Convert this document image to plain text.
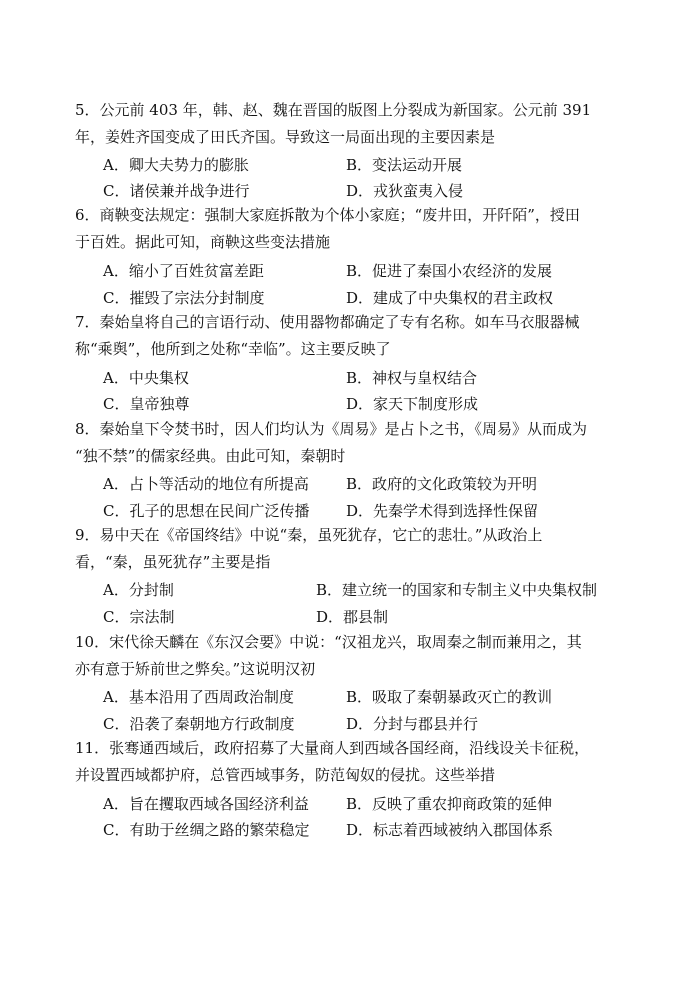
5．公元前 403 年，韩、赵、魏在晋国的版图上分裂成为新国家。公元前 391
年，姜姓齐国变成了田氏齐国。导致这一局面出现的主要因素是
A．卿大夫势力的膨胀	B．变法运动开展
C．诸侯兼并战争进行	D．戎狄蛮夷入侵
6．商鞅变法规定：强制大家庭拆散为个体小家庭；“废井田，开阡陌”，授田
于百姓。据此可知，商鞅这些变法措施
A．缩小了百姓贫富差距	B．促进了秦国小农经济的发展
C．摧毁了宗法分封制度	D．建成了中央集权的君主政权
7．秦始皇将自己的言语行动、使用器物都确定了专有名称。如车马衣服器械
称“乘舆”，他所到之处称“幸临”。这主要反映了
A．中央集权	B．神权与皇权结合
C．皇帝独尊	D．家天下制度形成
8．秦始皇下令焚书时，因人们均认为《周易》是占卜之书，《周易》从而成为
“独不禁”的儒家经典。由此可知，秦朝时
A．占卜等活动的地位有所提高 B．政府的文化政策较为开明
C．孔子的思想在民间广泛传播 D．先秦学术得到选择性保留
9．易中天在《帝国终结》中说“秦，虽死犹存，它亡的悲壮。”从政治上
看，“秦，虽死犹存”主要是指
A．分封制	B．建立统一的国家和专制主义中央集权制
C．宗法制	D．郡县制
10．宋代徐天麟在《东汉会要》中说：“汉祖龙兴，取周秦之制而兼用之，其
亦有意于矫前世之弊矣。”这说明汉初
A．基本沿用了西周政治制度	B．吸取了秦朝暴政灭亡的教训
C．沿袭了秦朝地方行政制度	D．分封与郡县并行
11．张骞通西域后，政府招募了大量商人到西域各国经商，沿线设关卡征税，
并设置西域都护府，总管西域事务，防范匈奴的侵扰。这些举措
A．旨在攫取西域各国经济利益 B．反映了重农抑商政策的延伸
C．有助于丝绸之路的繁荣稳定 D．标志着西域被纳入郡国体系
